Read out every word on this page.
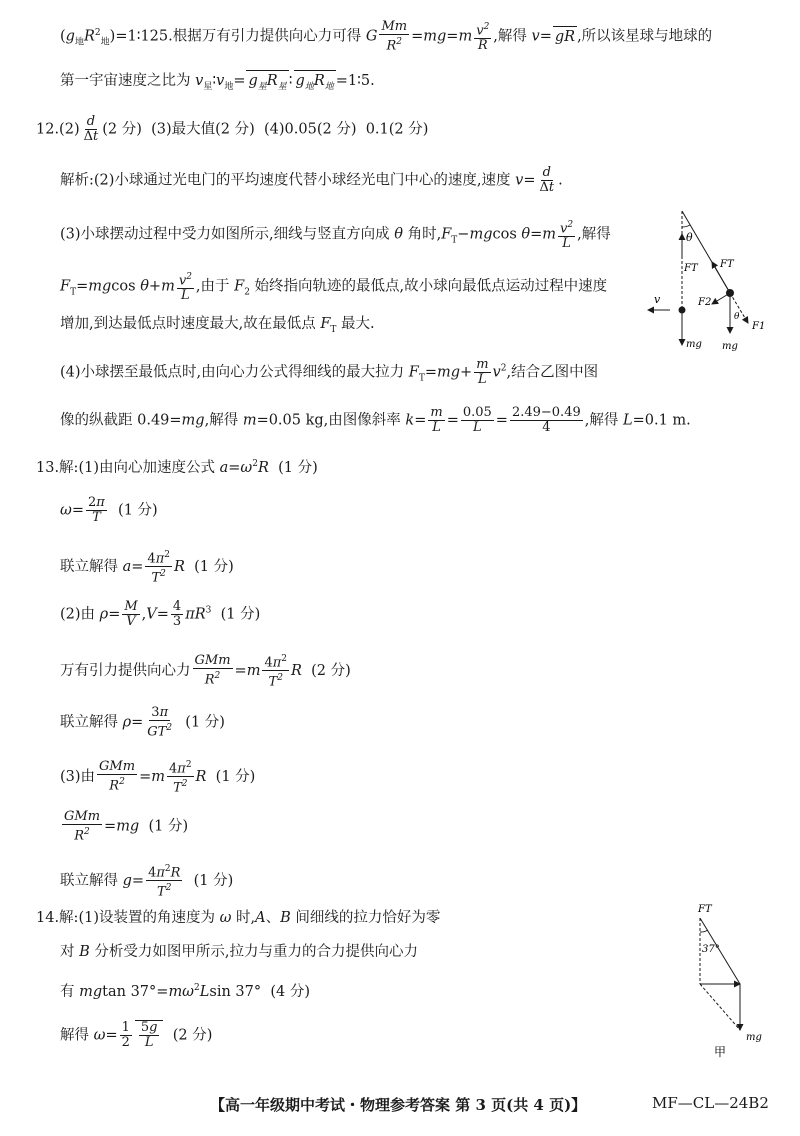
$(g_地R^2_地)=1∶125$.根据万有引力提供向心力可得 G $\frac{Mm}{R^2} =mg=m \frac{v^2}{R}$ ,解得 v= gR ,所以该星球与地球的
第一宇宙速度之比为 $v_星∶v_地= g_星R_星$ ∶ $g_地R_地$ =1∶5.
$12.(2) \frac{d}{\Delta t} (2$ 分)  (3)最大值(2 分)  (4)0.05(2 分)  0.1(2 分)
解析:(2)小球通过光电门的平均速度代替小球经光电门中心的速度,速度 $v= \frac{d}{\Delta t}$ .
(3)小球摆动过程中受力如图所示,细线与竖直方向成 θ 角时$,F_T-mgcos$ $\theta=m \frac{v^2}{L}$ ,解得
$F_T=mgcos$ $\theta+m \frac{v^2}{L}$ ,由于 $F_2$ 始终指向轨迹的最低点,故小球向最低点运动过程中速度
增加,到达最低点时速度最大,故在最低点 $F_T$ 最大.
(4)小球摆至最低点时,由向心力公式得细线的最大拉力 $F_T=mg+ \frac{m}{L} v^2$,结合乙图中图
像的纵截距 0.49=mg,解得 m=0.05 kg,由图像斜率 $k= \frac{m}{L} = \frac{0.05}{L} = \frac{2.49-0.49}{4}$ ,解得 L=0.1 m.
θ
FT FT
v	F2
F1
mg mg
θ
13.解:(1)由向心加速度公式 $a=\omega^2R$  (1 分)
$\omega= \frac{2\pi}{T} (1$ 分)
联立解得 $a= \frac{4\pi^2}{T^2}$ R  (1 分)
(2)由 $\rho= \frac{M}{V} ,V= \frac{4}{3} \pi R^3$  (1 分)
万有引力提供向心力 $\frac{\text{GMm}}{R^2} =m \frac{4\pi^2}{T^2}$ R  (2 分)
联立解得 $\rho= \frac{3\pi}{GT^2} (1$ 分)
(3)由 $\frac{\text{GMm}}{R^2} =m \frac{4\pi^2}{T^2}$ R  (1 分)
$\frac{\text{GMm}}{R^2} =mg$  (1 分)
联立解得 $g= \frac{4\pi^2R}{T^2} (1$ 分)
14.解:(1)设装置的角速度为 ω 时,A、B 间细线的拉力恰好为零
对 B 分析受力如图甲所示,拉力与重力的合力提供向心力
有 mgtan $37^\circ=m\omega^2Lsin$ 37°  (4 分)
解得 $\omega= \frac{1}{2} \frac{5g}{L} (2$ 分)
FT
37°
mg
甲
【高一年级期中考试・物理参考答案 第 3 页(共 4 页)】	MF—CL—24B2
